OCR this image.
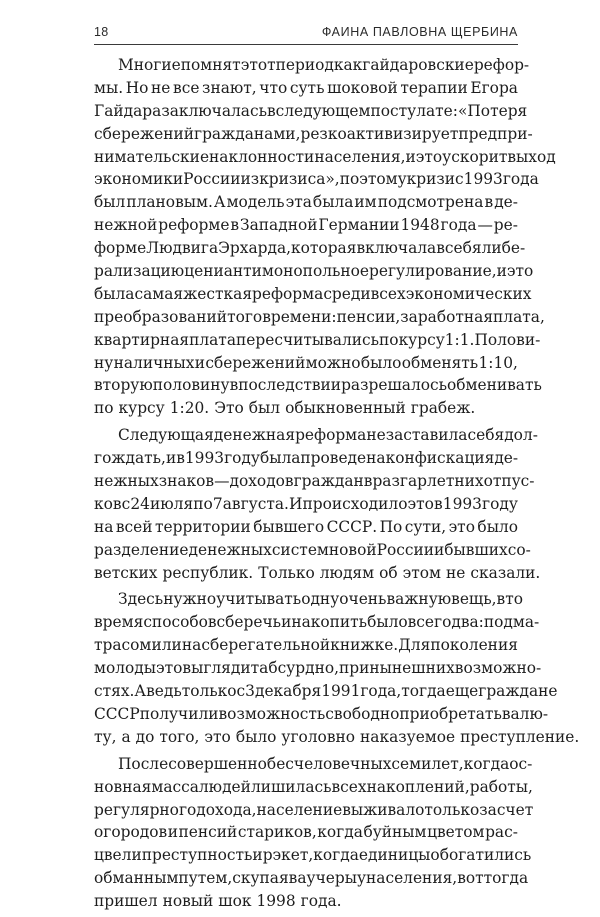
18	ФАИНА ПАВЛОВНА ЩЕРБИНА
Многие помнят этот период как гайдаровские рефор-
мы. Но не все знают, что суть шоковой терапии Егора
Гайдара заключалась в следующем постулате: «Потеря
сбережений гражданами, резко активизирует предпри-
нимательские наклонности населения, и это ускорит выход
экономики России из кризиса», поэтому кризис 1993 года
был плановым. А модель эта была им подсмотрена в де-
нежной реформе в Западной Германии 1948 года — ре-
форме Людвига Эрхарда, которая включала в себя либе-
рализацию цен и антимонопольное регулирование, и это
была самая жесткая реформа среди всех экономических
преобразований того времени: пенсии, заработная плата,
квартирная плата пересчитывались по курсу 1:1. Полови-
ну наличных и сбережений можно было обменять 1:10,
вторую половину впоследствии разрешалось обменивать
по курсу 1:20. Это был обыкновенный грабеж.
Следующая денежная реформа не заставила себя дол-
го ждать, и в 1993 году была проведена конфискация де-
нежных знаков — доходов граждан в разгар летних отпус-
ков с 24 июля по 7 августа. И происходило это в 1993 году
на всей территории бывшего СССР. По сути, это было
разделение денежных систем новой России и бывших со-
ветских республик. Только людям об этом не сказали.
Здесь нужно учитывать одну очень важную вещь, в то
время способов сберечь и накопить было всего два: под ма-
трасом или на сберегательной книжке. Для поколения
молоды это выглядит абсурдно, при нынешних возможно-
стях. А ведь только с 3 декабря 1991 года, тогда еще граждане
СССР получили возможность свободно приобретать валю-
ту, а до того, это было уголовно наказуемое преступление.
После совершенно бесчеловечных семи лет, когда ос-
новная масса людей лишилась всех накоплений, работы,
регулярного дохода, население выживало только за счет
огородов и пенсий стариков, когда буйным цветом рас-
цвели преступность и рэкет, когда единицы обогатились
обманным путем, скупая ваучеры у населения, вот тогда
пришел новый шок 1998 года.
